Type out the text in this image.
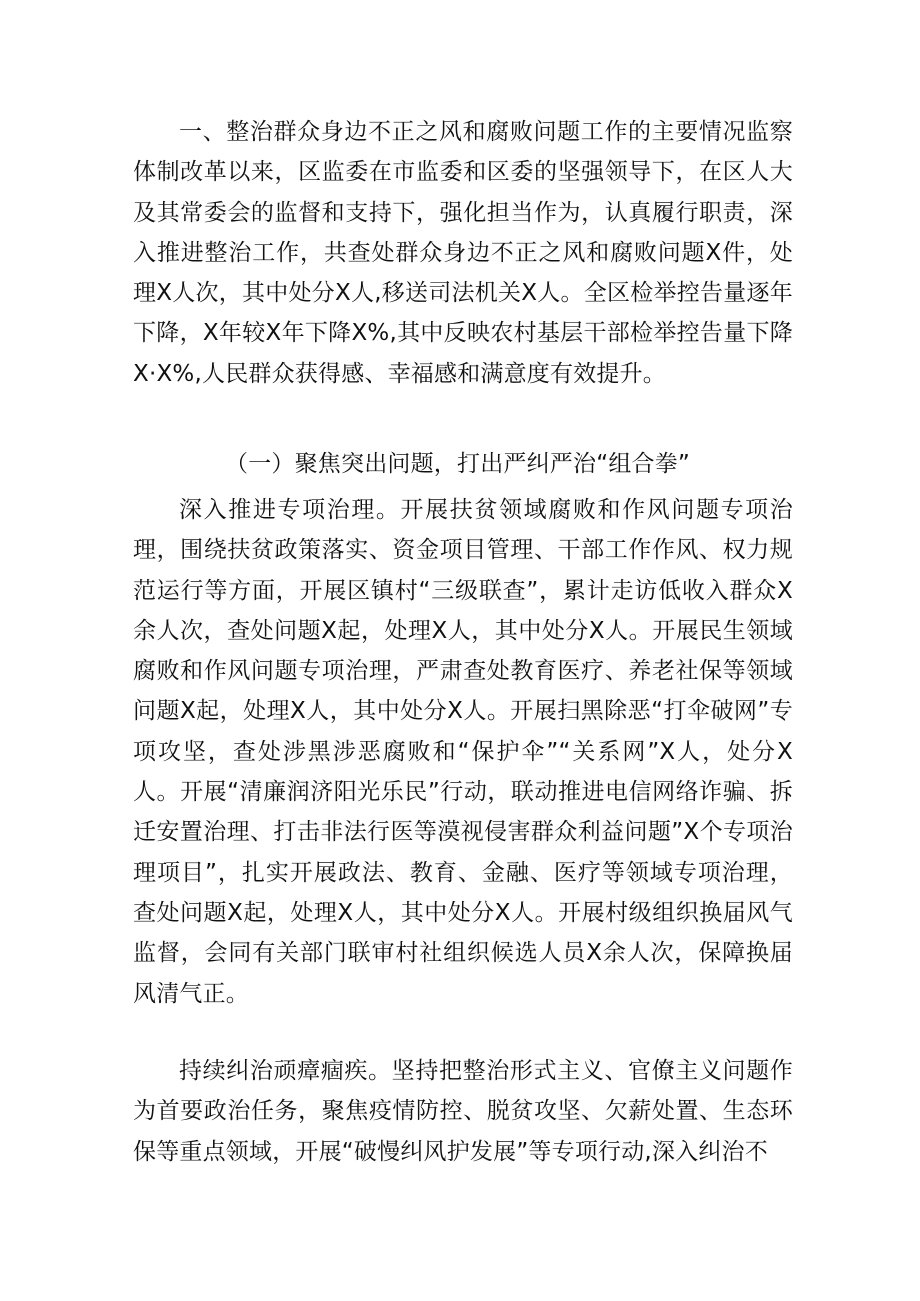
一、整治群众身边不正之风和腐败问题工作的主要情况监察体制改革以来，区监委在市监委和区委的坚强领导下，在区人大及其常委会的监督和支持下，强化担当作为，认真履行职责，深入推进整治工作，共查处群众身边不正之风和腐败问题X件，处理X人次，其中处分X人,移送司法机关X人。全区检举控告量逐年下降，X年较X年下降X%,其中反映农村基层干部检举控告量下降X·X%,人民群众获得感、幸福感和满意度有效提升。
（一）聚焦突出问题，打出严纠严治“组合拳”
深入推进专项治理。开展扶贫领域腐败和作风问题专项治理，围绕扶贫政策落实、资金项目管理、干部工作作风、权力规范运行等方面，开展区镇村“三级联查”，累计走访低收入群众X余人次，查处问题X起，处理X人，其中处分X人。开展民生领域腐败和作风问题专项治理，严肃查处教育医疗、养老社保等领域问题X起，处理X人，其中处分X人。开展扫黑除恶“打伞破网”专项攻坚，查处涉黑涉恶腐败和“保护伞”“关系网”X人，处分X人。开展“清廉润济阳光乐民”行动，联动推进电信网络诈骗、拆迁安置治理、打击非法行医等漠视侵害群众利益问题”X个专项治理项目”，扎实开展政法、教育、金融、医疗等领域专项治理，查处问题X起，处理X人，其中处分X人。开展村级组织换届风气监督，会同有关部门联审村社组织候选人员X余人次，保障换届风清气正。
持续纠治顽瘴痼疾。坚持把整治形式主义、官僚主义问题作为首要政治任务，聚焦疫情防控、脱贫攻坚、欠薪处置、生态环保等重点领域，开展“破慢纠风护发展”等专项行动,深入纠治不
